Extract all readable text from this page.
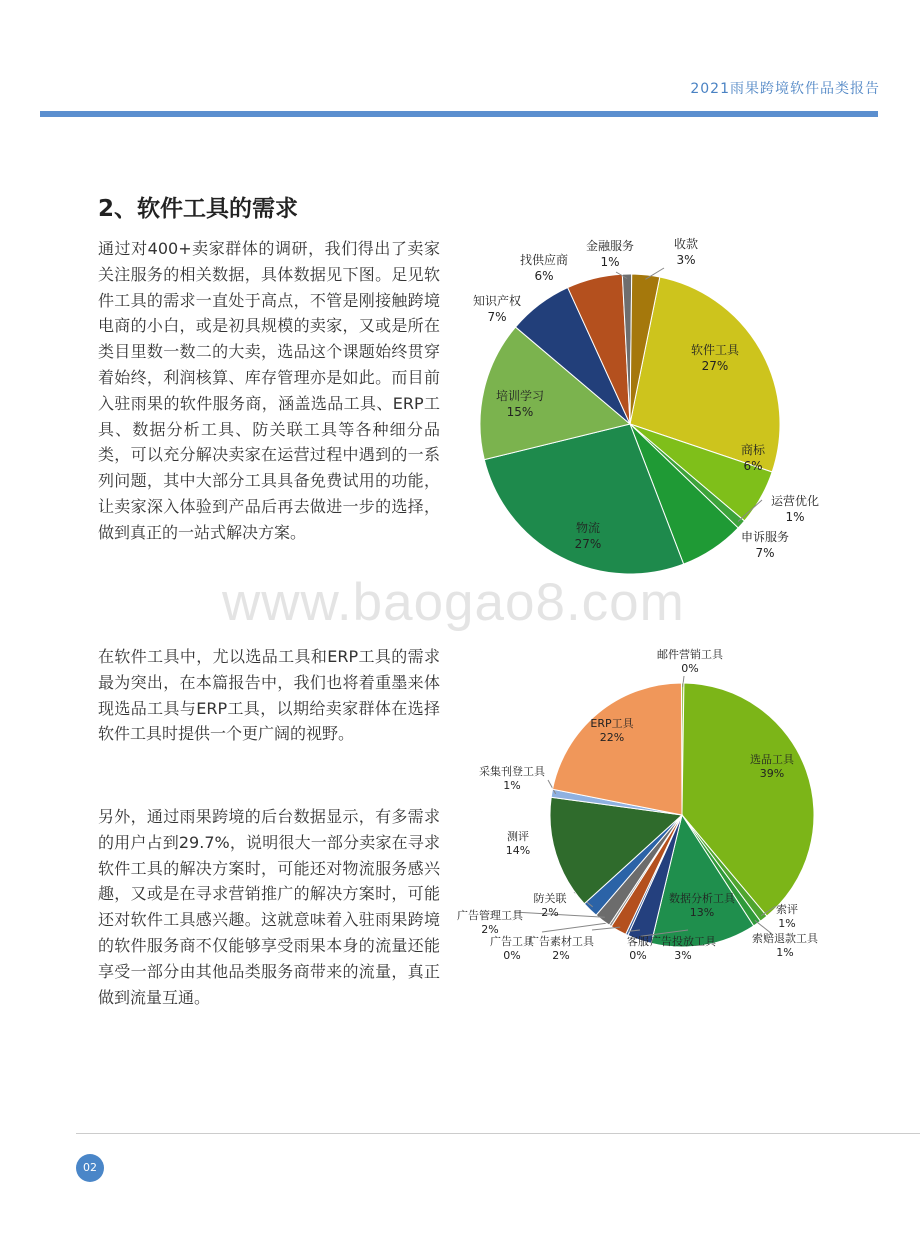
2021雨果跨境软件品类报告
2、软件工具的需求

通过对400+卖家群体的调研，我们得出了卖家关注服务的相关数据，具体数据见下图。足见软件工具的需求一直处于高点，不管是刚接触跨境电商的小白，或是初具规模的卖家，又或是所在类目里数一数二的大卖，选品这个课题始终贯穿着始终，利润核算、库存管理亦是如此。而目前入驻雨果的软件服务商，涵盖选品工具、ERP工具、数据分析工具、防关联工具等各种细分品类，可以充分解决卖家在运营过程中遇到的一系列问题，其中大部分工具具备免费试用的功能，让卖家深入体验到产品后再去做进一步的选择，做到真正的一站式解决方案。

在软件工具中，尤以选品工具和ERP工具的需求最为突出，在本篇报告中，我们也将着重墨来体现选品工具与ERP工具，以期给卖家群体在选择软件工具时提供一个更广阔的视野。

另外，通过雨果跨境的后台数据显示，有多需求的用户占到29.7%，说明很大一部分卖家在寻求软件工具的解决方案时，可能还对物流服务感兴趣，又或是在寻求营销推广的解决方案时，可能还对软件工具感兴趣。这就意味着入驻雨果跨境的软件服务商不仅能够享受雨果本身的流量还能享受一部分由其他品类服务商带来的流量，真正做到流量互通。

www.baogao8.com
软件工具
27%
商标
6%
运营优化
1%
申诉服务
7%
物流
27%
培训学习
15%
知识产权
7%
找供应商
6%
金融服务
1%
收款
3%
邮件营销工具
0%
选品工具
39%
索评
1%
索赔退款工具
1%
数据分析工具
13%
广告投放工具
3%
客服
0%
广告素材工具
2%
广告工具
0%
广告管理工具
2%
防关联
2%
测评
14%
采集刊登工具
1%
ERP工具
22%
02
